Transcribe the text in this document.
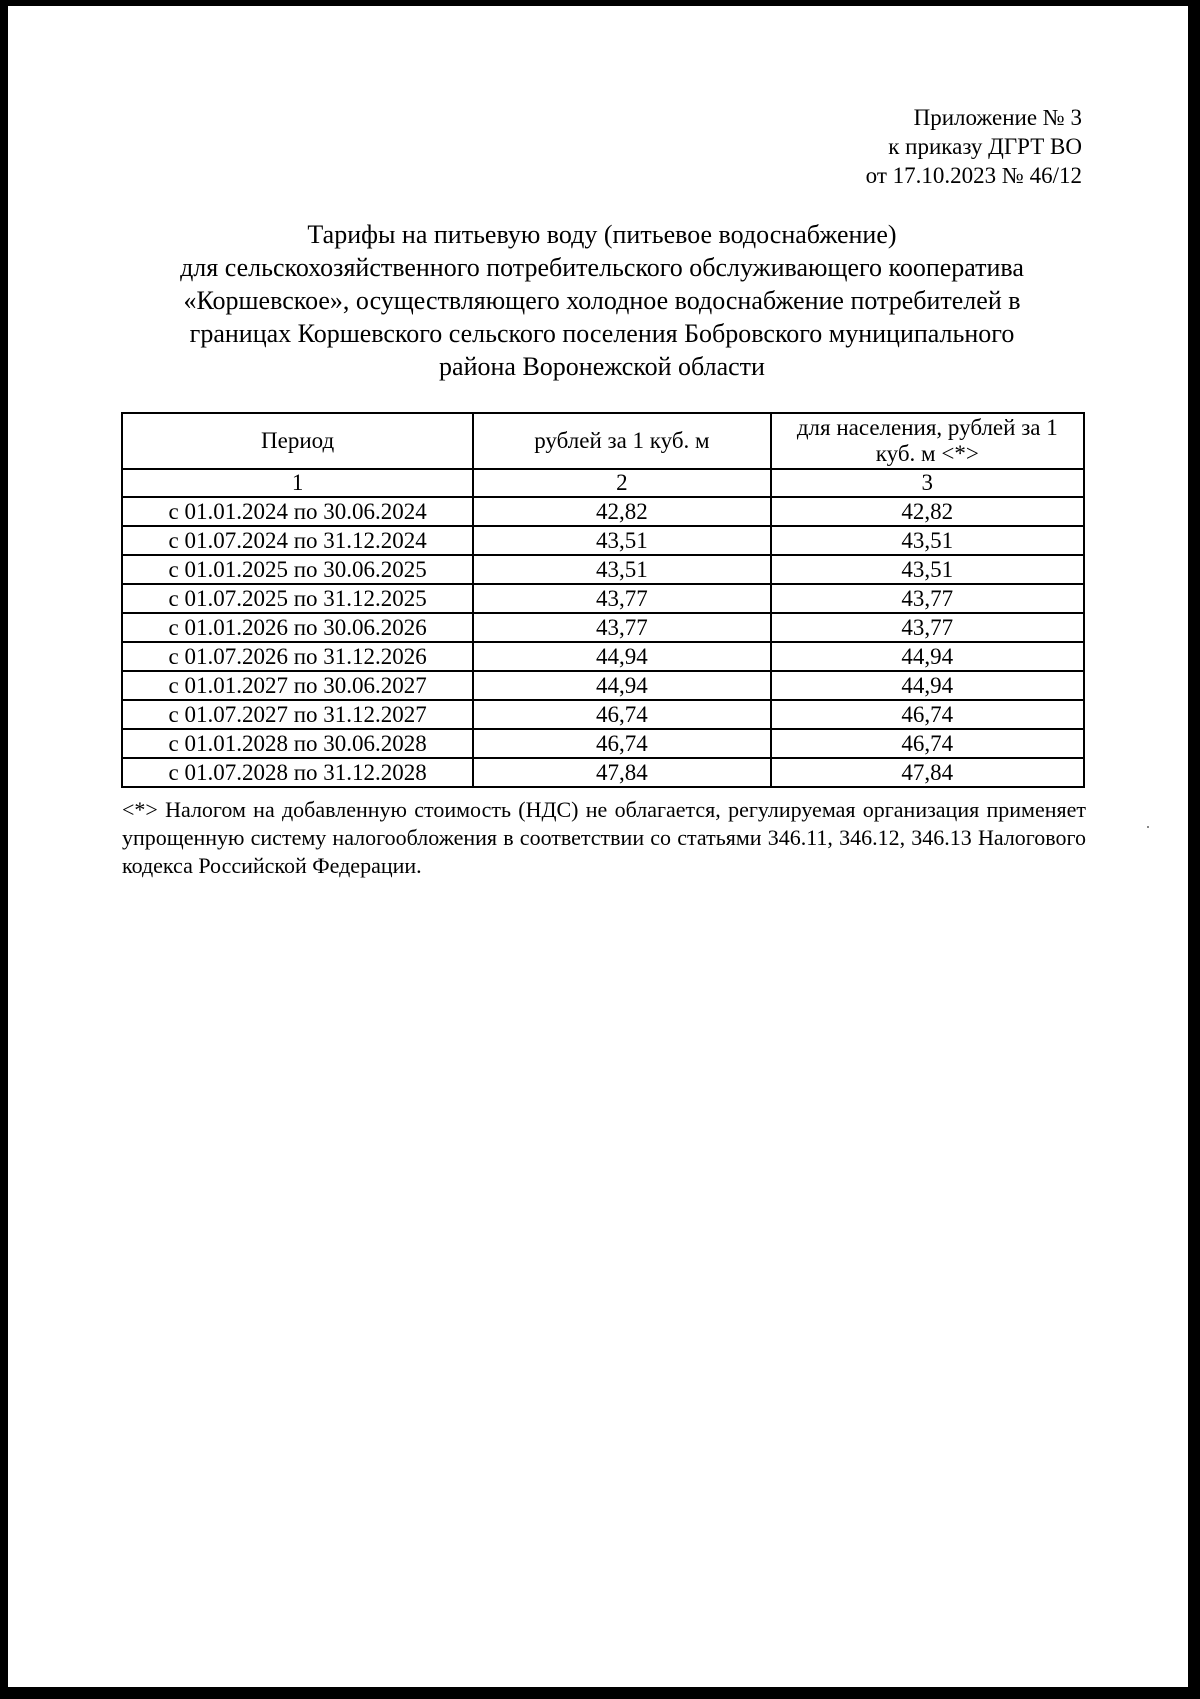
Приложение № 3
к приказу ДГРТ ВО
от 17.10.2023 № 46/12
Тарифы на питьевую воду (питьевое водоснабжение)
для сельскохозяйственного потребительского обслуживающего кооператива
«Коршевское», осуществляющего холодное водоснабжение потребителей в
границах Коршевского сельского поселения Бобровского муниципального
района Воронежской области
Период	рублей за 1 куб. м	для населения, рублей за 1 куб. м <*>
1	2	3
с 01.01.2024 по 30.06.2024	42,82	42,82
с 01.07.2024 по 31.12.2024	43,51	43,51
с 01.01.2025 по 30.06.2025	43,51	43,51
с 01.07.2025 по 31.12.2025	43,77	43,77
с 01.01.2026 по 30.06.2026	43,77	43,77
с 01.07.2026 по 31.12.2026	44,94	44,94
с 01.01.2027 по 30.06.2027	44,94	44,94
с 01.07.2027 по 31.12.2027	46,74	46,74
с 01.01.2028 по 30.06.2028	46,74	46,74
с 01.07.2028 по 31.12.2028	47,84	47,84
<*> Налогом на добавленную стоимость (НДС) не облагается, регулируемая организация применяет упрощенную систему налогообложения в соответствии со статьями 346.11, 346.12, 346.13 Налогового кодекса Российской Федерации.
